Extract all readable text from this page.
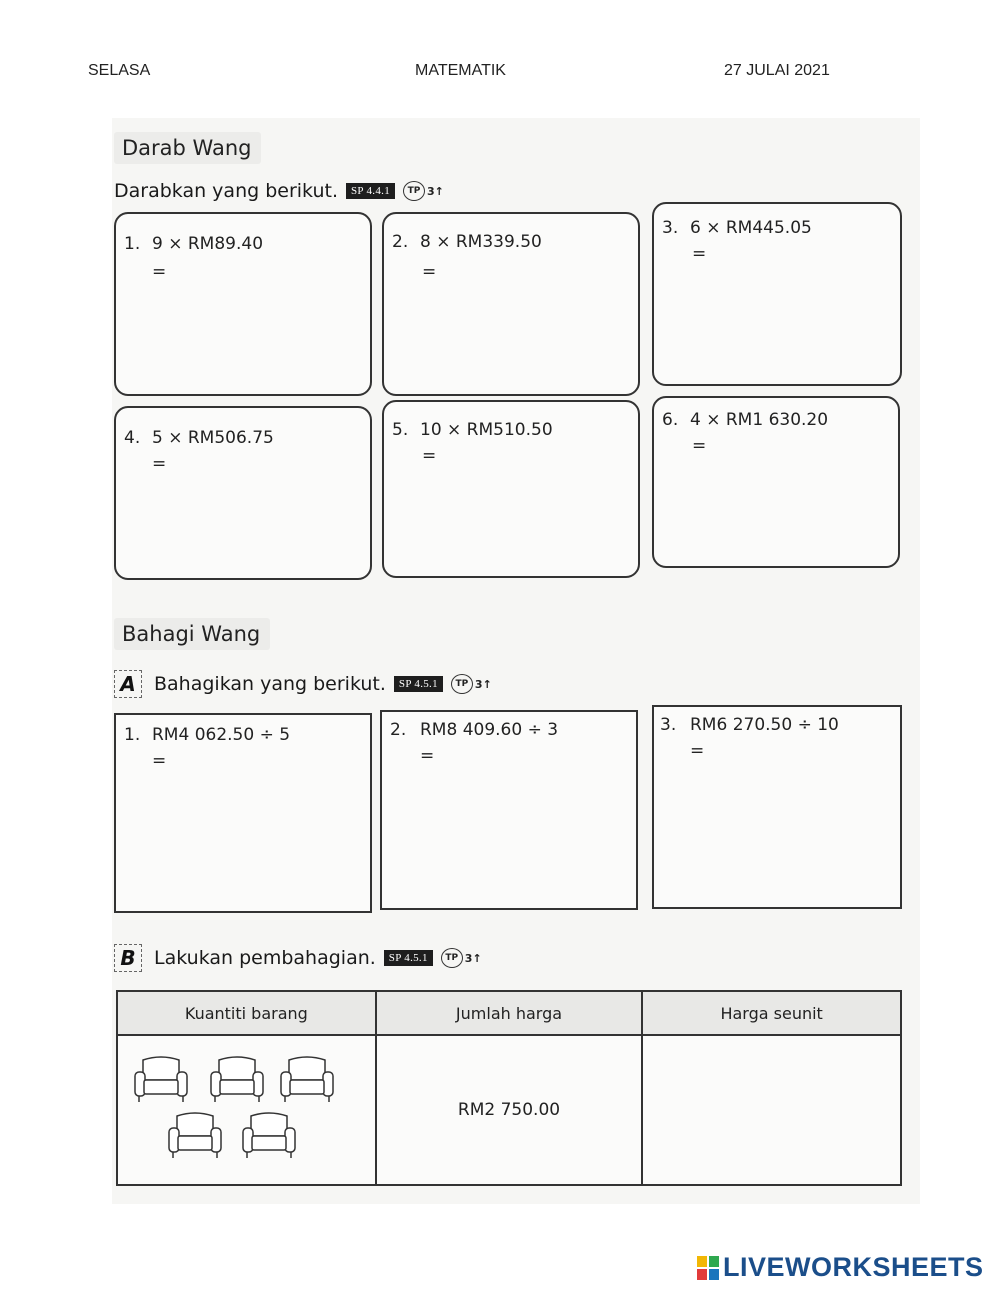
SELASA	MATEMATIK	27 JULAI 2021
Darab Wang
Darabkan yang berikut.	SP 4.4.1	TP 3 ↑
1. 9 × RM89.40
=
2. 8 × RM339.50
=
3. 6 × RM445.05
=
4. 5 × RM506.75
=
5. 10 × RM510.50
=
6. 4 × RM1 630.20
=
Bahagi Wang
A Bahagikan yang berikut.	SP 4.5.1	TP 3 ↑
1. RM4 062.50 ÷ 5
=
2. RM8 409.60 ÷ 3
=
3. RM6 270.50 ÷ 10
=
B Lakukan pembahagian.	SP 4.5.1	TP 3 ↑
Kuantiti barang	Jumlah harga	Harga seunit

	RM2 750.00	
LIVEWORKSHEETS
